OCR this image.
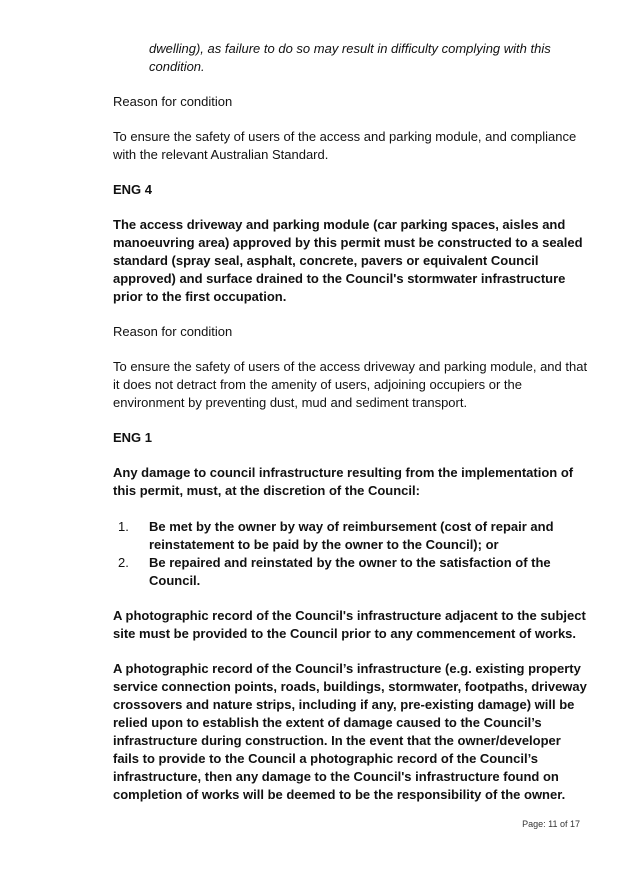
dwelling), as failure to do so may result in difficulty complying with this condition.

Reason for condition

To ensure the safety of users of the access and parking module, and compliance with the relevant Australian Standard.

ENG 4

The access driveway and parking module (car parking spaces, aisles and manoeuvring area) approved by this permit must be constructed to a sealed standard (spray seal, asphalt, concrete, pavers or equivalent Council approved) and surface drained to the Council's stormwater infrastructure prior to the first occupation.

Reason for condition

To ensure the safety of users of the access driveway and parking module, and that it does not detract from the amenity of users, adjoining occupiers or the environment by preventing dust, mud and sediment transport.

ENG 1

Any damage to council infrastructure resulting from the implementation of this permit, must, at the discretion of the Council:

1.	Be met by the owner by way of reimbursement (cost of repair and reinstatement to be paid by the owner to the Council); or
2.	Be repaired and reinstated by the owner to the satisfaction of the Council.

A photographic record of the Council's infrastructure adjacent to the subject site must be provided to the Council prior to any commencement of works.

A photographic record of the Council’s infrastructure (e.g. existing property service connection points, roads, buildings, stormwater, footpaths, driveway crossovers and nature strips, including if any, pre-existing damage) will be relied upon to establish the extent of damage caused to the Council’s infrastructure during construction. In the event that the owner/developer fails to provide to the Council a photographic record of the Council’s infrastructure, then any damage to the Council's infrastructure found on completion of works will be deemed to be the responsibility of the owner.

Page: 11 of 17
